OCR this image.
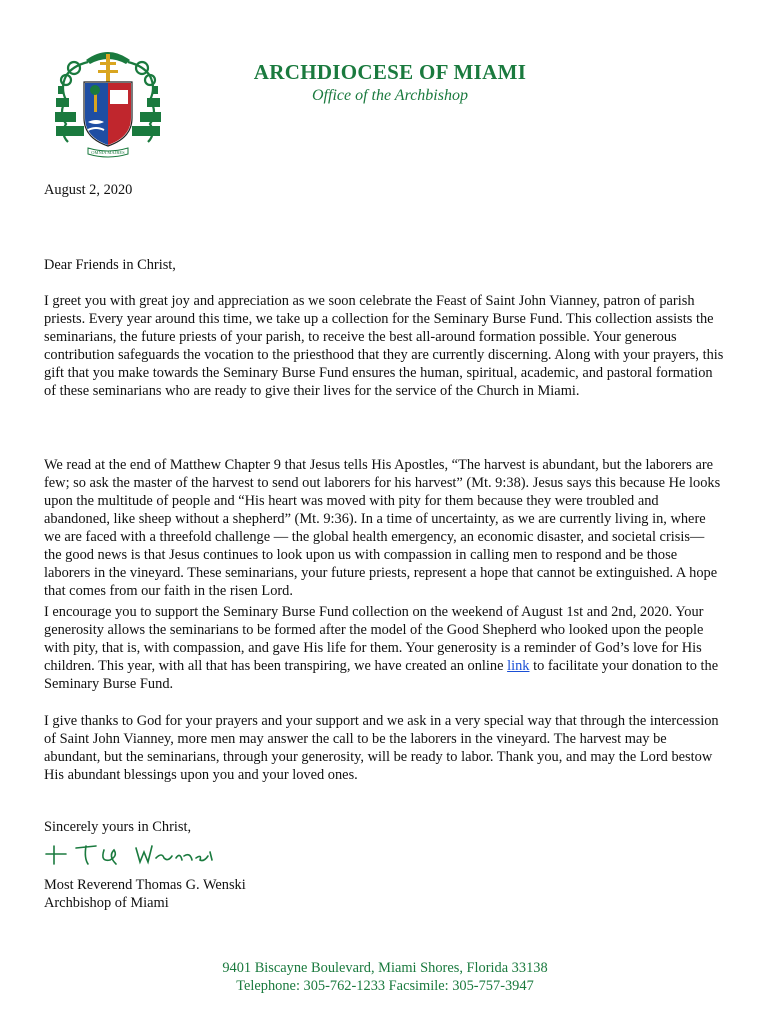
OMNIA MAJRES
ARCHDIOCESE OF MIAMI
Office of the Archbishop
August 2, 2020
Dear Friends in Christ,
I greet you with great joy and appreciation as we soon celebrate the Feast of Saint John Vianney, patron of parish priests. Every year around this time, we take up a collection for the Seminary Burse Fund. This collection assists the seminarians, the future priests of your parish, to receive the best all-around formation possible. Your generous contribution safeguards the vocation to the priesthood that they are currently discerning. Along with your prayers, this gift that you make towards the Seminary Burse Fund ensures the human, spiritual, academic, and pastoral formation of these seminarians who are ready to give their lives for the service of the Church in Miami.
We read at the end of Matthew Chapter 9 that Jesus tells His Apostles, “The harvest is abundant, but the laborers are few; so ask the master of the harvest to send out laborers for his harvest” (Mt. 9:38). Jesus says this because He looks upon the multitude of people and “His heart was moved with pity for them because they were troubled and abandoned, like sheep without a shepherd” (Mt. 9:36). In a time of uncertainty, as we are currently living in, where we are faced with a threefold challenge — the global health emergency, an economic disaster, and societal crisis— the good news is that Jesus continues to look upon us with compassion in calling men to respond and be those laborers in the vineyard. These seminarians, your future priests, represent a hope that cannot be extinguished. A hope that comes from our faith in the risen Lord.
I encourage you to support the Seminary Burse Fund collection on the weekend of August 1st and 2nd, 2020. Your generosity allows the seminarians to be formed after the model of the Good Shepherd who looked upon the people with pity, that is, with compassion, and gave His life for them. Your generosity is a reminder of God’s love for His children. This year, with all that has been transpiring, we have created an online link to facilitate your donation to the Seminary Burse Fund.
I give thanks to God for your prayers and your support and we ask in a very special way that through the intercession of Saint John Vianney, more men may answer the call to be the laborers in the vineyard. The harvest may be abundant, but the seminarians, through your generosity, will be ready to labor. Thank you, and may the Lord bestow His abundant blessings upon you and your loved ones.
Sincerely yours in Christ,
Most Reverend Thomas G. Wenski
Archbishop of Miami
9401 Biscayne Boulevard, Miami Shores, Florida 33138
Telephone: 305-762-1233 Facsimile: 305-757-3947
